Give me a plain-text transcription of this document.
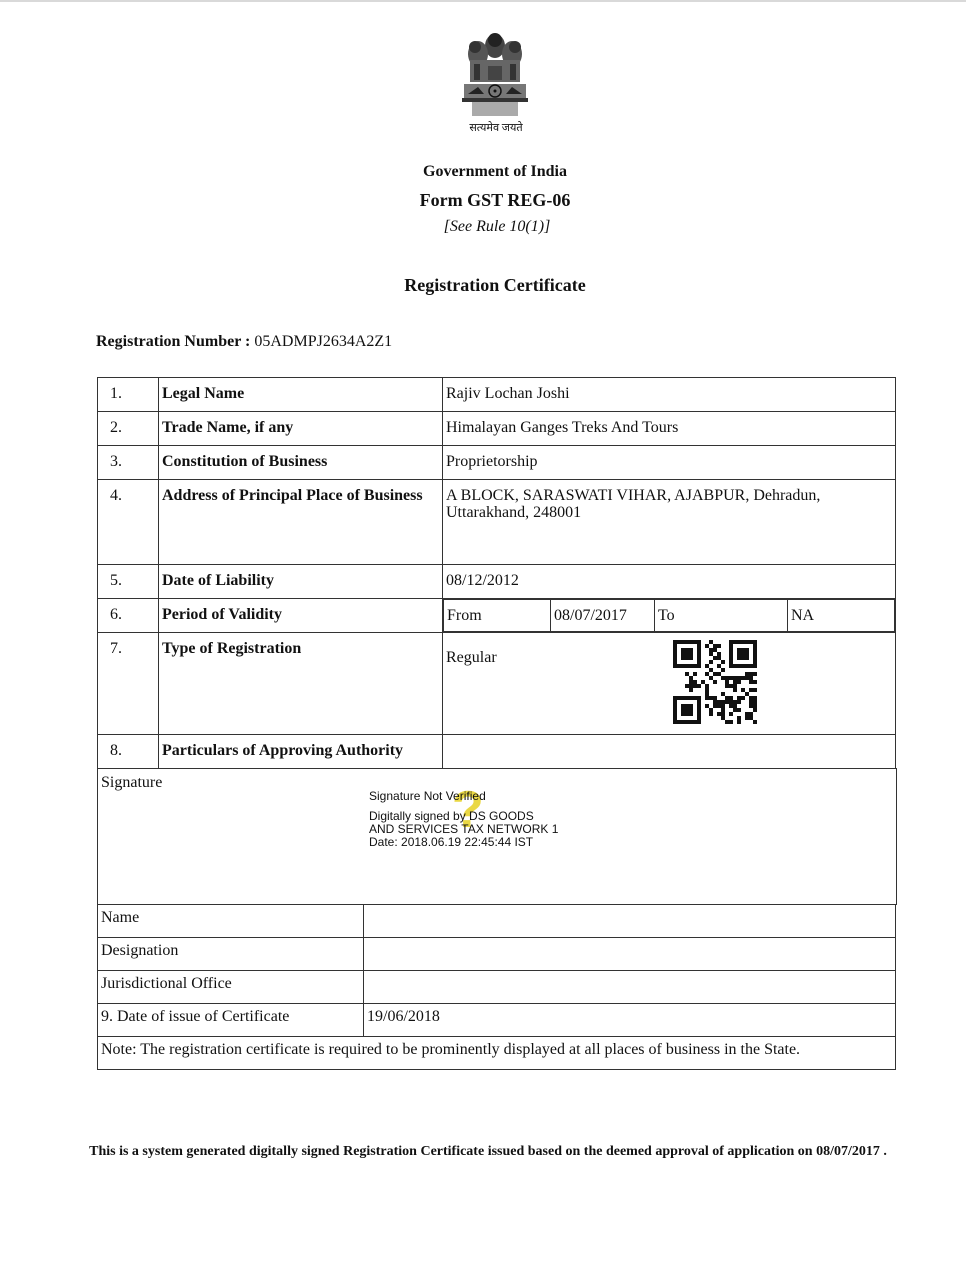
सत्यमेव जयते
Government of India
Form GST REG-06
[See Rule 10(1)]
Registration Certificate
Registration Number : 05ADMPJ2634A2Z1
1.	Legal Name	Rajiv Lochan Joshi
2.	Trade Name, if any	Himalayan Ganges Treks And Tours
3.	Constitution of Business	Proprietorship
4.	Address of Principal Place of Business	A BLOCK, SARASWATI VIHAR, AJABPUR, Dehradun, Uttarakhand, 248001
5.	Date of Liability	08/12/2012
6.	Period of Validity		From	08/07/2017	To	NA

7.	Type of Registration	Regular
8.	Particulars of Approving Authority	
Signature	?
Signature Not Verified
Digitally signed by DS GOODS
AND SERVICES TAX NETWORK 1
Date: 2018.06.19 22:45:44 IST
Name	
Designation	
Jurisdictional Office	
9. Date of issue of Certificate	19/06/2018
Note: The registration certificate is required to be prominently displayed at all places of business in the State.	
This is a system generated digitally signed Registration Certificate issued based on the deemed approval of application on 08/07/2017 .
